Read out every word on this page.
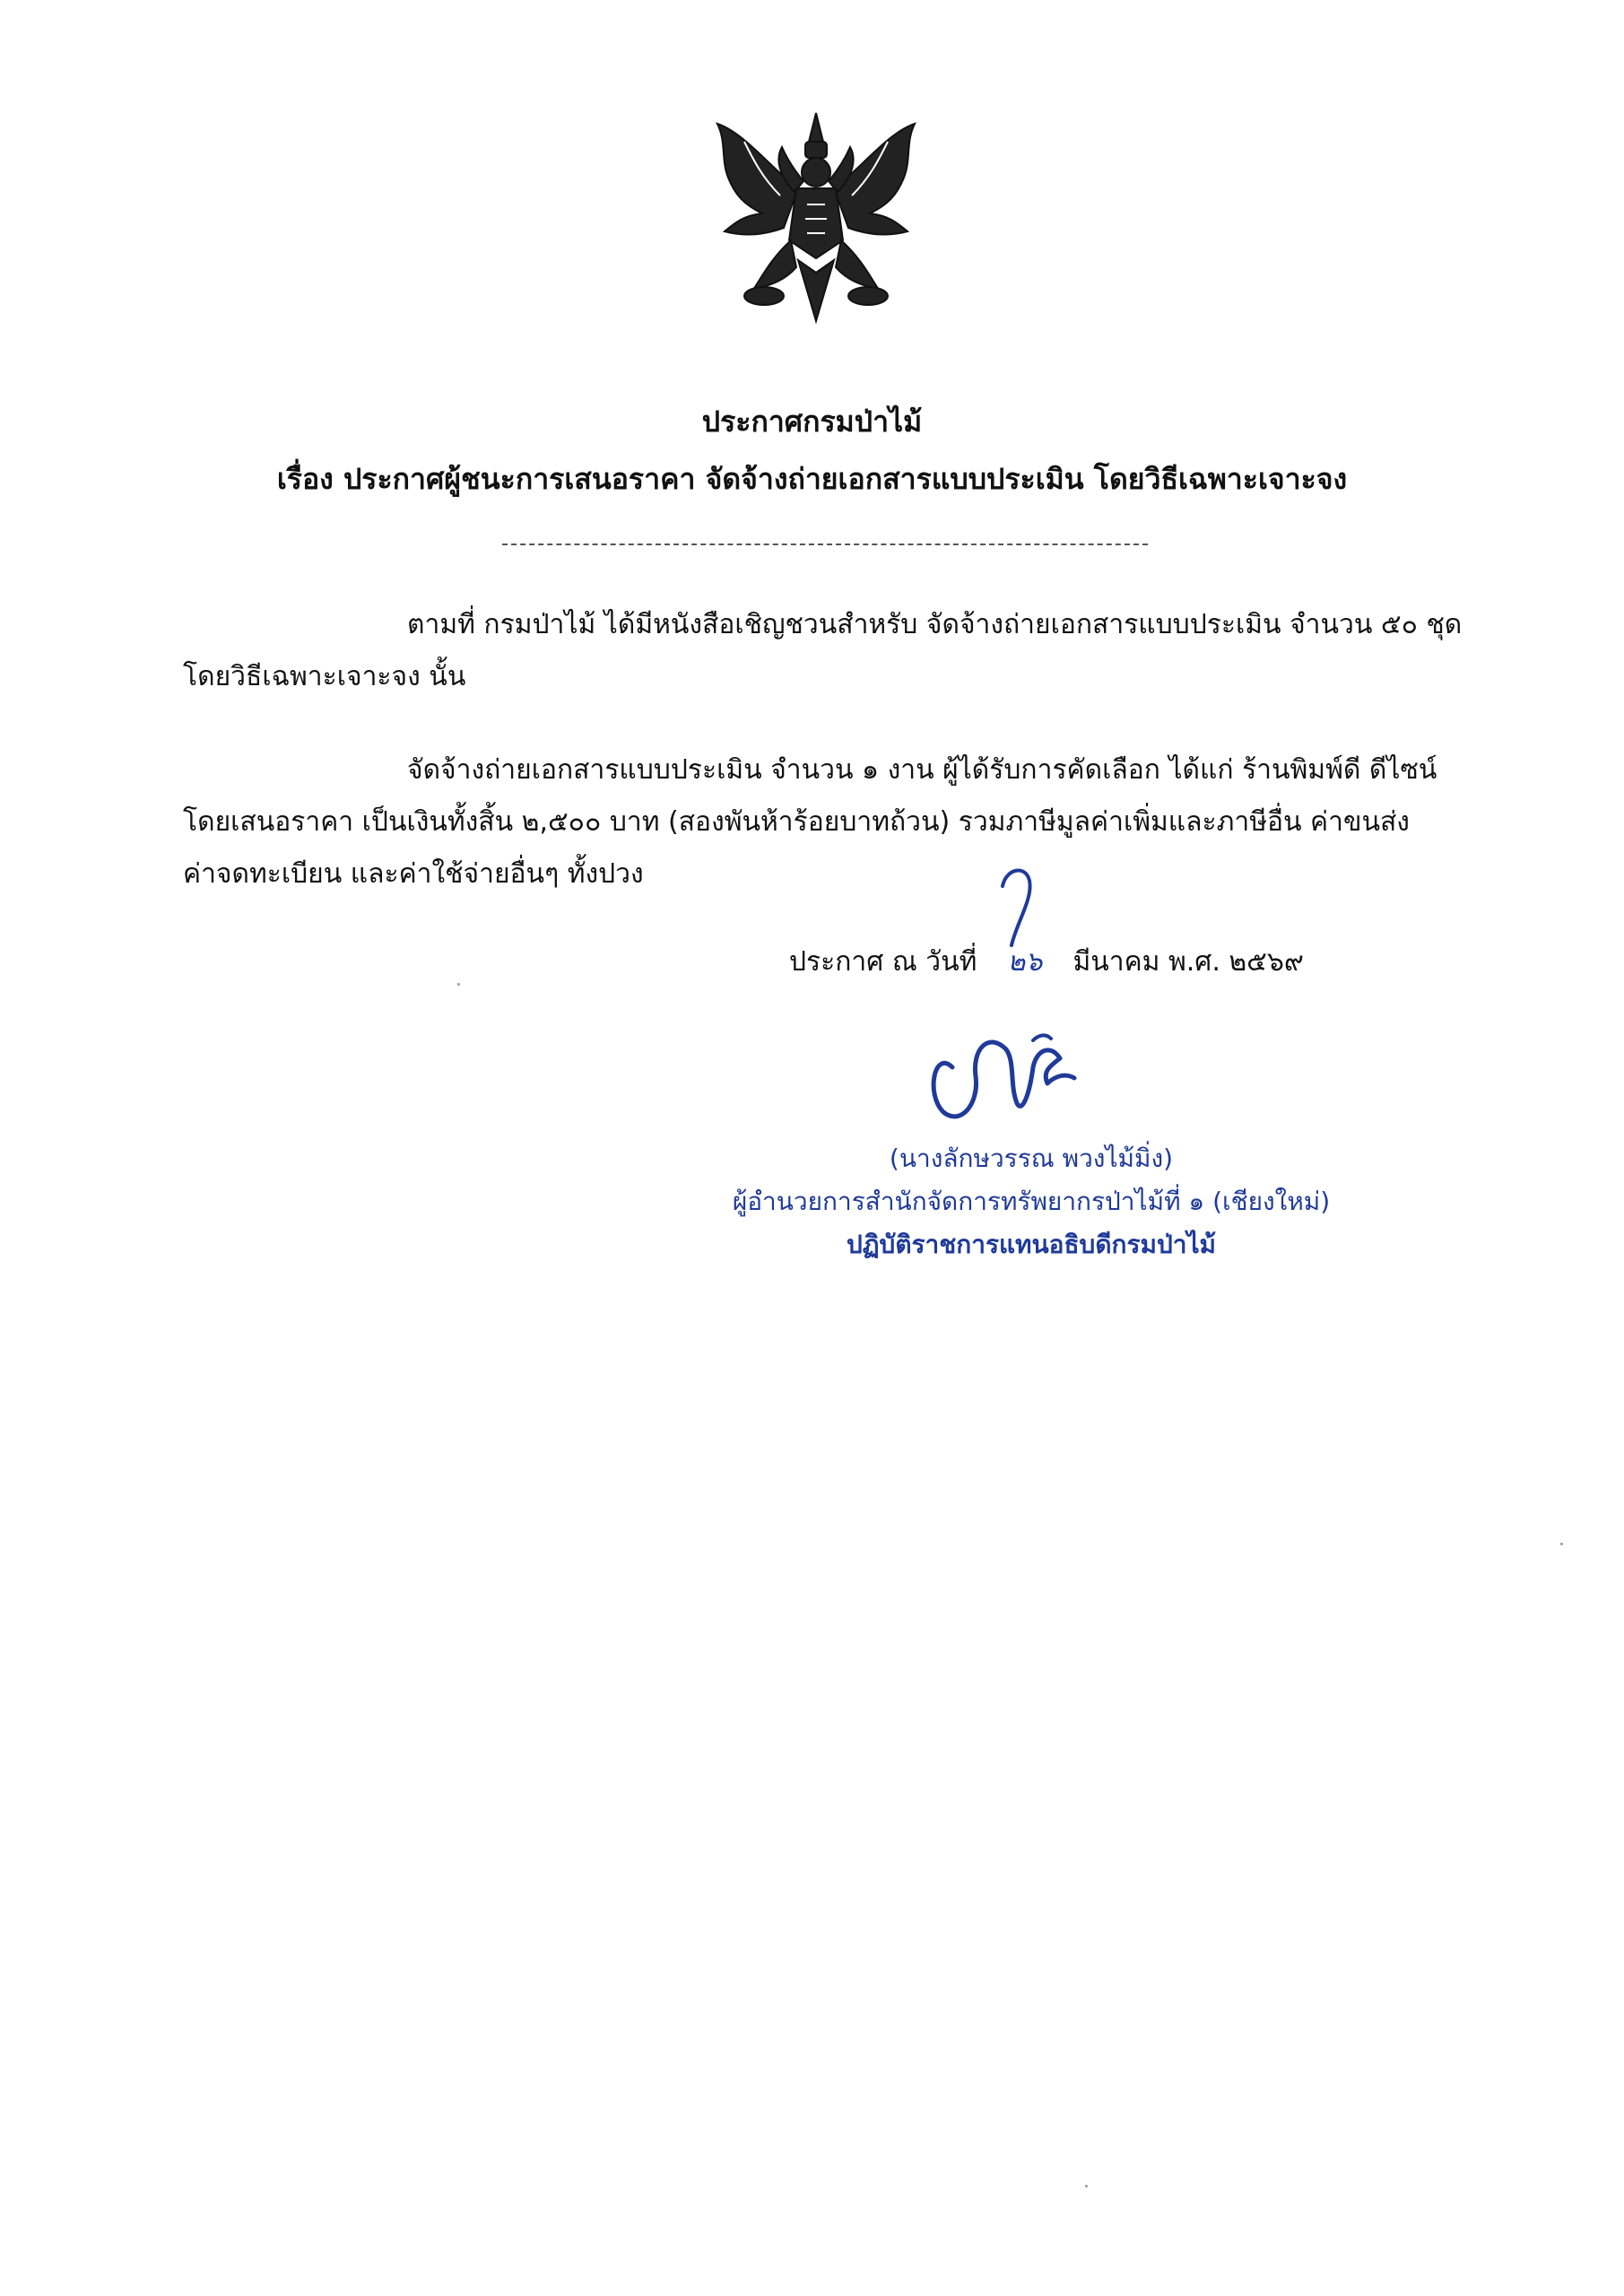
ประกาศกรมป่าไม้
เรื่อง ประกาศผู้ชนะการเสนอราคา จัดจ้างถ่ายเอกสารแบบประเมิน โดยวิธีเฉพาะเจาะจง

ตามที่ กรมป่าไม้ ได้มีหนังสือเชิญชวนสำหรับ จัดจ้างถ่ายเอกสารแบบประเมิน จำนวน ๕๐ ชุด

โดยวิธีเฉพาะเจาะจง นั้น

จัดจ้างถ่ายเอกสารแบบประเมิน จำนวน ๑ งาน ผู้ได้รับการคัดเลือก ได้แก่ ร้านพิมพ์ดี ดีไซน์

โดยเสนอราคา เป็นเงินทั้งสิ้น ๒,๕๐๐ บาท (สองพันห้าร้อยบาทถ้วน) รวมภาษีมูลค่าเพิ่มและภาษีอื่น ค่าขนส่ง

ค่าจดทะเบียน และค่าใช้จ่ายอื่นๆ ทั้งปวง

ประกาศ ณ วันที่ ๒๖ มีนาคม พ.ศ. ๒๕๖๙
(นางลักษวรรณ พวงไม้มิ่ง)
ผู้อำนวยการสำนักจัดการทรัพยากรป่าไม้ที่ ๑ (เชียงใหม่)
ปฏิบัติราชการแทนอธิบดีกรมป่าไม้
